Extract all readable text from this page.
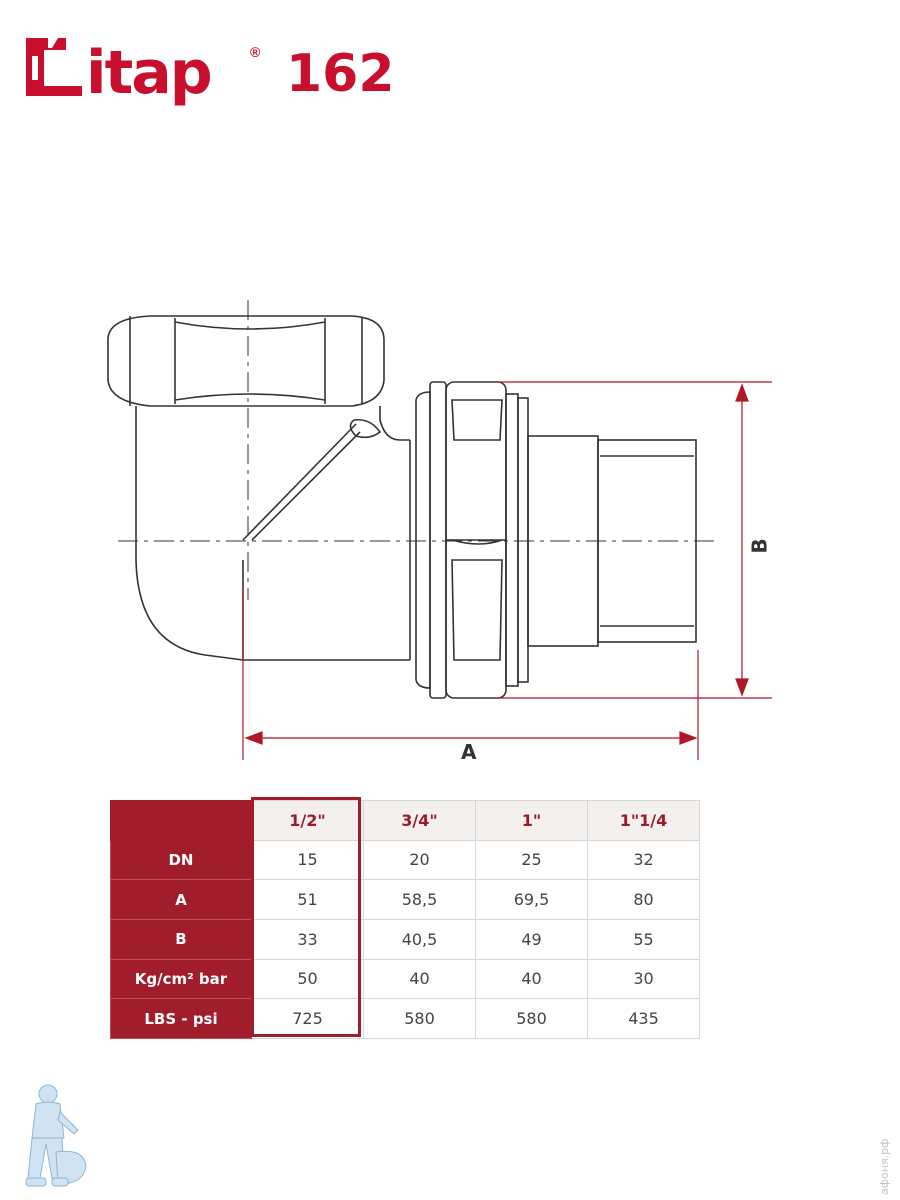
itap	® 162
A
B
	1/2"	3/4"	1"	1"1/4
DN	15	20	25	32
A	51	58,5	69,5	80
B	33	40,5	49	55
Kg/cm² bar	50	40	40	30
LBS - psi	725	580	580	435
афоня.рф
